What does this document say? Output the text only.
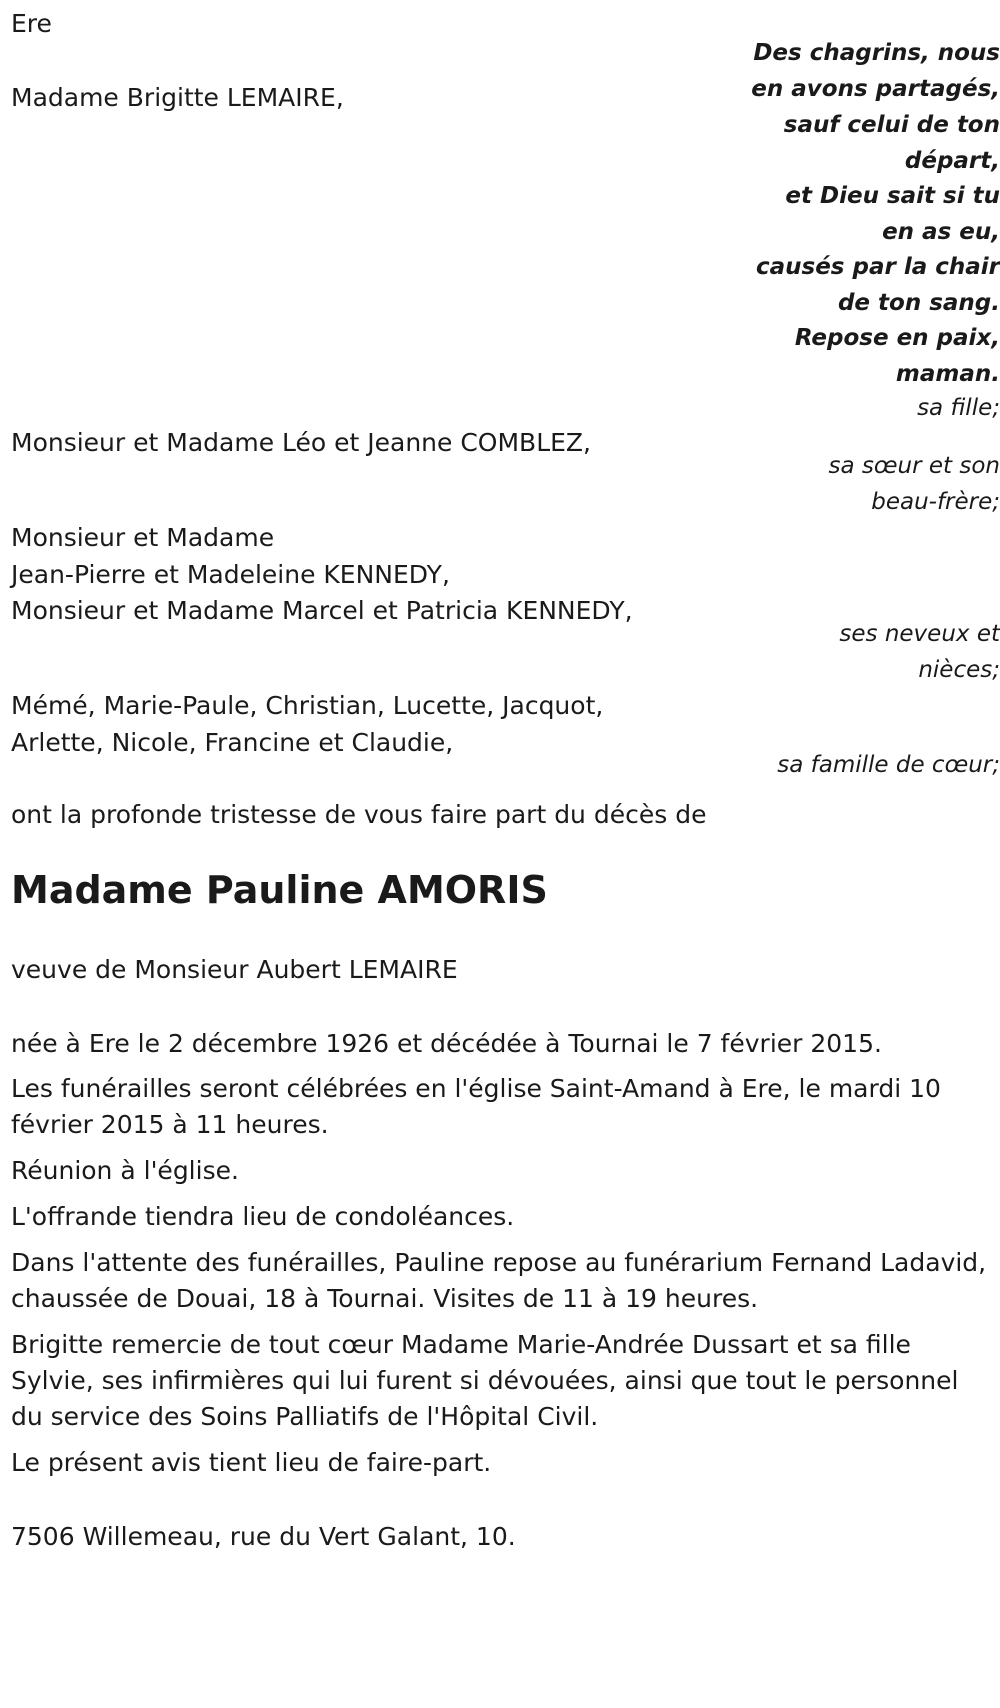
Ere

Des chagrins, nous

en avons partagés,

sauf celui de ton

départ,

et Dieu sait si tu

en as eu,

causés par la chair

de ton sang.

Repose en paix,

maman.

Madame Brigitte LEMAIRE,

sa fille;

Monsieur et Madame Léo et Jeanne COMBLEZ,

sa sœur et son

beau-frère;

Monsieur et Madame

Jean-Pierre et Madeleine KENNEDY,

Monsieur et Madame Marcel et Patricia KENNEDY,

ses neveux et

nièces;

Mémé, Marie-Paule, Christian, Lucette, Jacquot,

Arlette, Nicole, Francine et Claudie,

sa famille de cœur;

ont la profonde tristesse de vous faire part du décès de

Madame Pauline AMORIS

veuve de Monsieur Aubert LEMAIRE

née à Ere le 2 décembre 1926 et décédée à Tournai le 7 février 2015.

Les funérailles seront célébrées en l'église Saint-Amand à Ere, le mardi 10 février 2015 à 11 heures.

Réunion à l'église.

L'offrande tiendra lieu de condoléances.

Dans l'attente des funérailles, Pauline repose au funérarium Fernand Ladavid, chaussée de Douai, 18 à Tournai. Visites de 11 à 19 heures.

Brigitte remercie de tout cœur Madame Marie-Andrée Dussart et sa fille Sylvie, ses infirmières qui lui furent si dévouées, ainsi que tout le personnel du service des Soins Palliatifs de l'Hôpital Civil.

Le présent avis tient lieu de faire-part.

7506 Willemeau, rue du Vert Galant, 10.
